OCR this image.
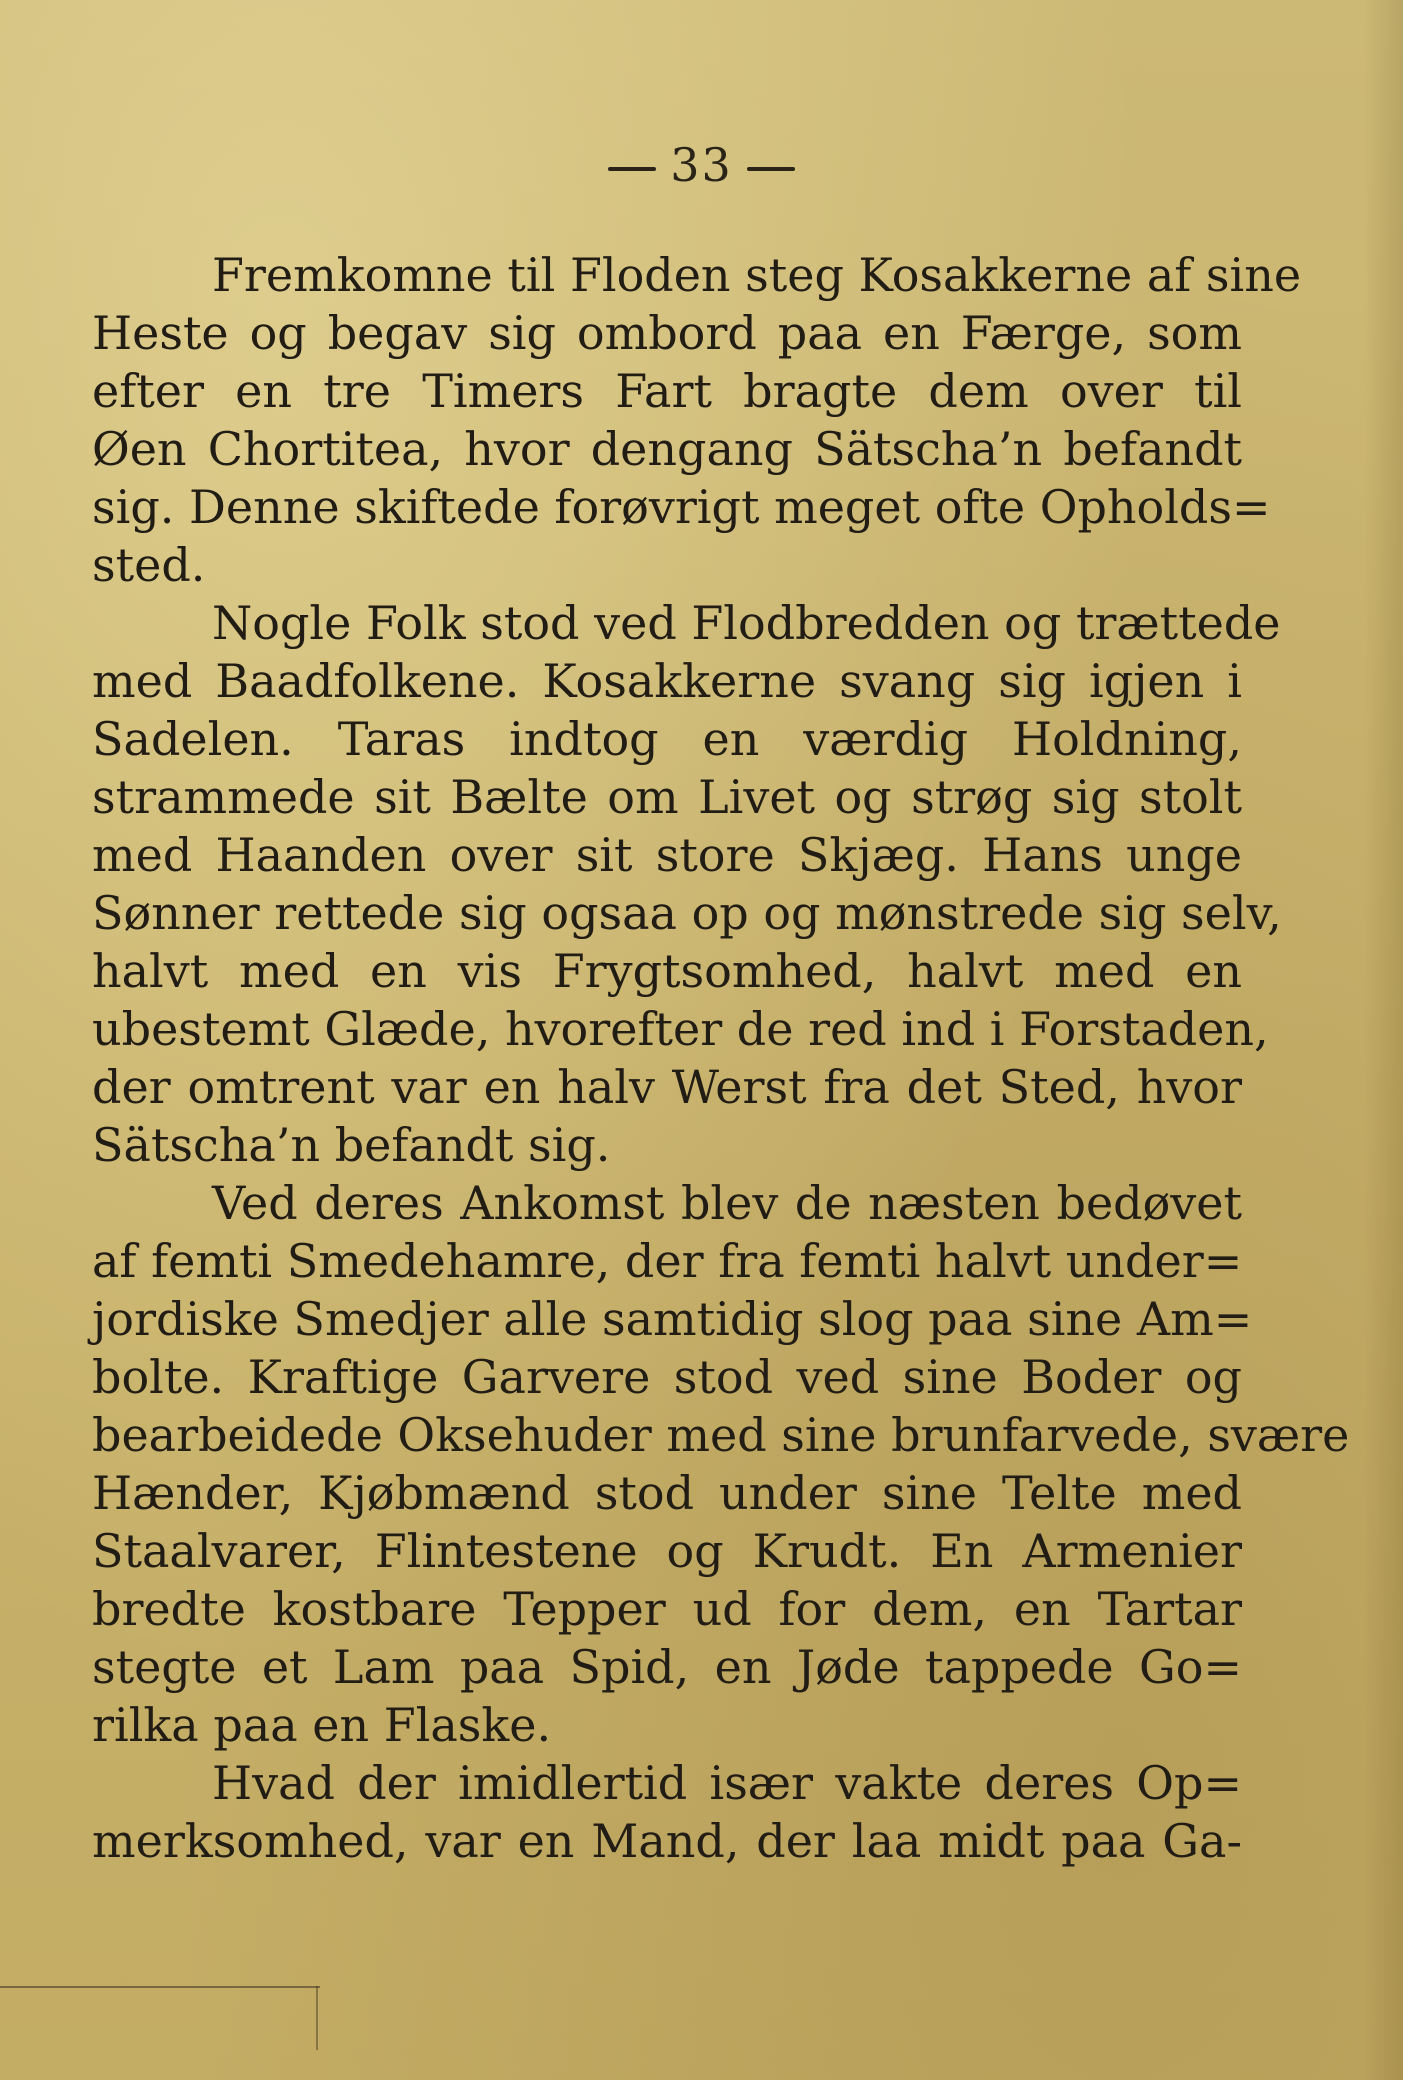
33
Fremkomne til Floden steg Kosakkerne af sine
Heste og begav sig ombord paa en Færge, som
efter en tre Timers Fart bragte dem over til
Øen Chortitea, hvor dengang Sätscha’n befandt
sig. Denne skiftede forøvrigt meget ofte Opholds=
sted.
Nogle Folk stod ved Flodbredden og trættede
med Baadfolkene. Kosakkerne svang sig igjen i
Sadelen. Taras indtog en værdig Holdning,
strammede sit Bælte om Livet og strøg sig stolt
med Haanden over sit store Skjæg. Hans unge
Sønner rettede sig ogsaa op og mønstrede sig selv,
halvt med en vis Frygtsomhed, halvt med en
ubestemt Glæde, hvorefter de red ind i Forstaden,
der omtrent var en halv Werst fra det Sted, hvor
Sätscha’n befandt sig.
Ved deres Ankomst blev de næsten bedøvet
af femti Smedehamre, der fra femti halvt under=
jordiske Smedjer alle samtidig slog paa sine Am=
bolte. Kraftige Garvere stod ved sine Boder og
bearbeidede Oksehuder med sine brunfarvede, svære
Hænder, Kjøbmænd stod under sine Telte med
Staalvarer, Flintestene og Krudt. En Armenier
bredte kostbare Tepper ud for dem, en Tartar
stegte et Lam paa Spid, en Jøde tappede Go=
rilka paa en Flaske.
Hvad der imidlertid især vakte deres Op=
merksomhed, var en Mand, der laa midt paa Ga-
